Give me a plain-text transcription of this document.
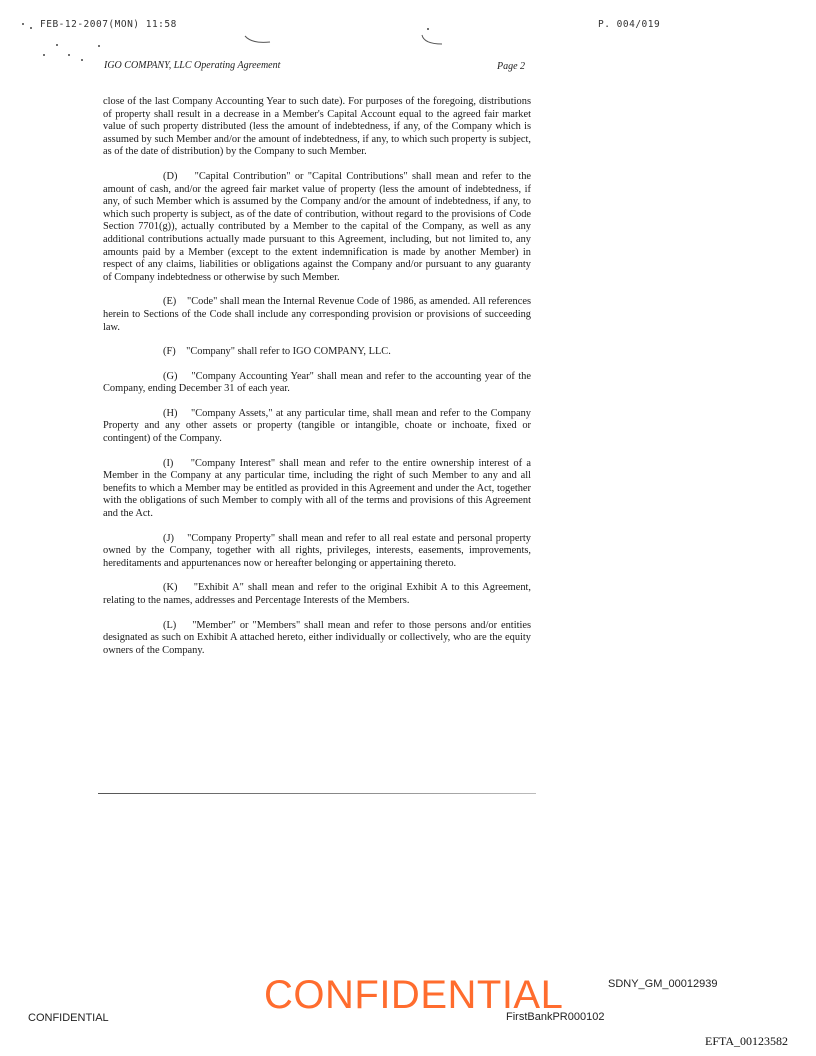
FEB-12-2007(MON) 11:58	P. 004/019
IGO COMPANY, LLC Operating Agreement	Page 2

close of the last Company Accounting Year to such date). For purposes of the foregoing, distributions of property shall result in a decrease in a Member's Capital Account equal to the agreed fair market value of such property distributed (less the amount of indebtedness, if any, of the Company which is assumed by such Member and/or the amount of indebtedness, if any, to which such property is subject, as of the date of distribution) by the Company to such Member.

(D) "Capital Contribution" or "Capital Contributions" shall mean and refer to the amount of cash, and/or the agreed fair market value of property (less the amount of indebtedness, if any, of such Member which is assumed by the Company and/or the amount of indebtedness, if any, to which such property is subject, as of the date of contribution, without regard to the provisions of Code Section 7701(g)), actually contributed by a Member to the capital of the Company, as well as any additional contributions actually made pursuant to this Agreement, including, but not limited to, any amounts paid by a Member (except to the extent indemnification is made by another Member) in respect of any claims, liabilities or obligations against the Company and/or pursuant to any guaranty of Company indebtedness or otherwise by such Member.

(E) "Code" shall mean the Internal Revenue Code of 1986, as amended. All references herein to Sections of the Code shall include any corresponding provision or provisions of succeeding law.

(F) "Company" shall refer to IGO COMPANY, LLC.

(G) "Company Accounting Year" shall mean and refer to the accounting year of the Company, ending December 31 of each year.

(H) "Company Assets," at any particular time, shall mean and refer to the Company Property and any other assets or property (tangible or intangible, choate or inchoate, fixed or contingent) of the Company.

(I) "Company Interest" shall mean and refer to the entire ownership interest of a Member in the Company at any particular time, including the right of such Member to any and all benefits to which a Member may be entitled as provided in this Agreement and under the Act, together with the obligations of such Member to comply with all of the terms and provisions of this Agreement and the Act.

(J) "Company Property" shall mean and refer to all real estate and personal property owned by the Company, together with all rights, privileges, interests, easements, improvements, hereditaments and appurtenances now or hereafter belonging or appertaining thereto.

(K) "Exhibit A" shall mean and refer to the original Exhibit A to this Agreement, relating to the names, addresses and Percentage Interests of the Members.

(L) "Member" or "Members" shall mean and refer to those persons and/or entities designated as such on Exhibit A attached hereto, either individually or collectively, who are the equity owners of the Company.

CONFIDENTIAL
CONFIDENTIAL
SDNY_GM_00012939
FirstBankPR000102
EFTA_00123582
